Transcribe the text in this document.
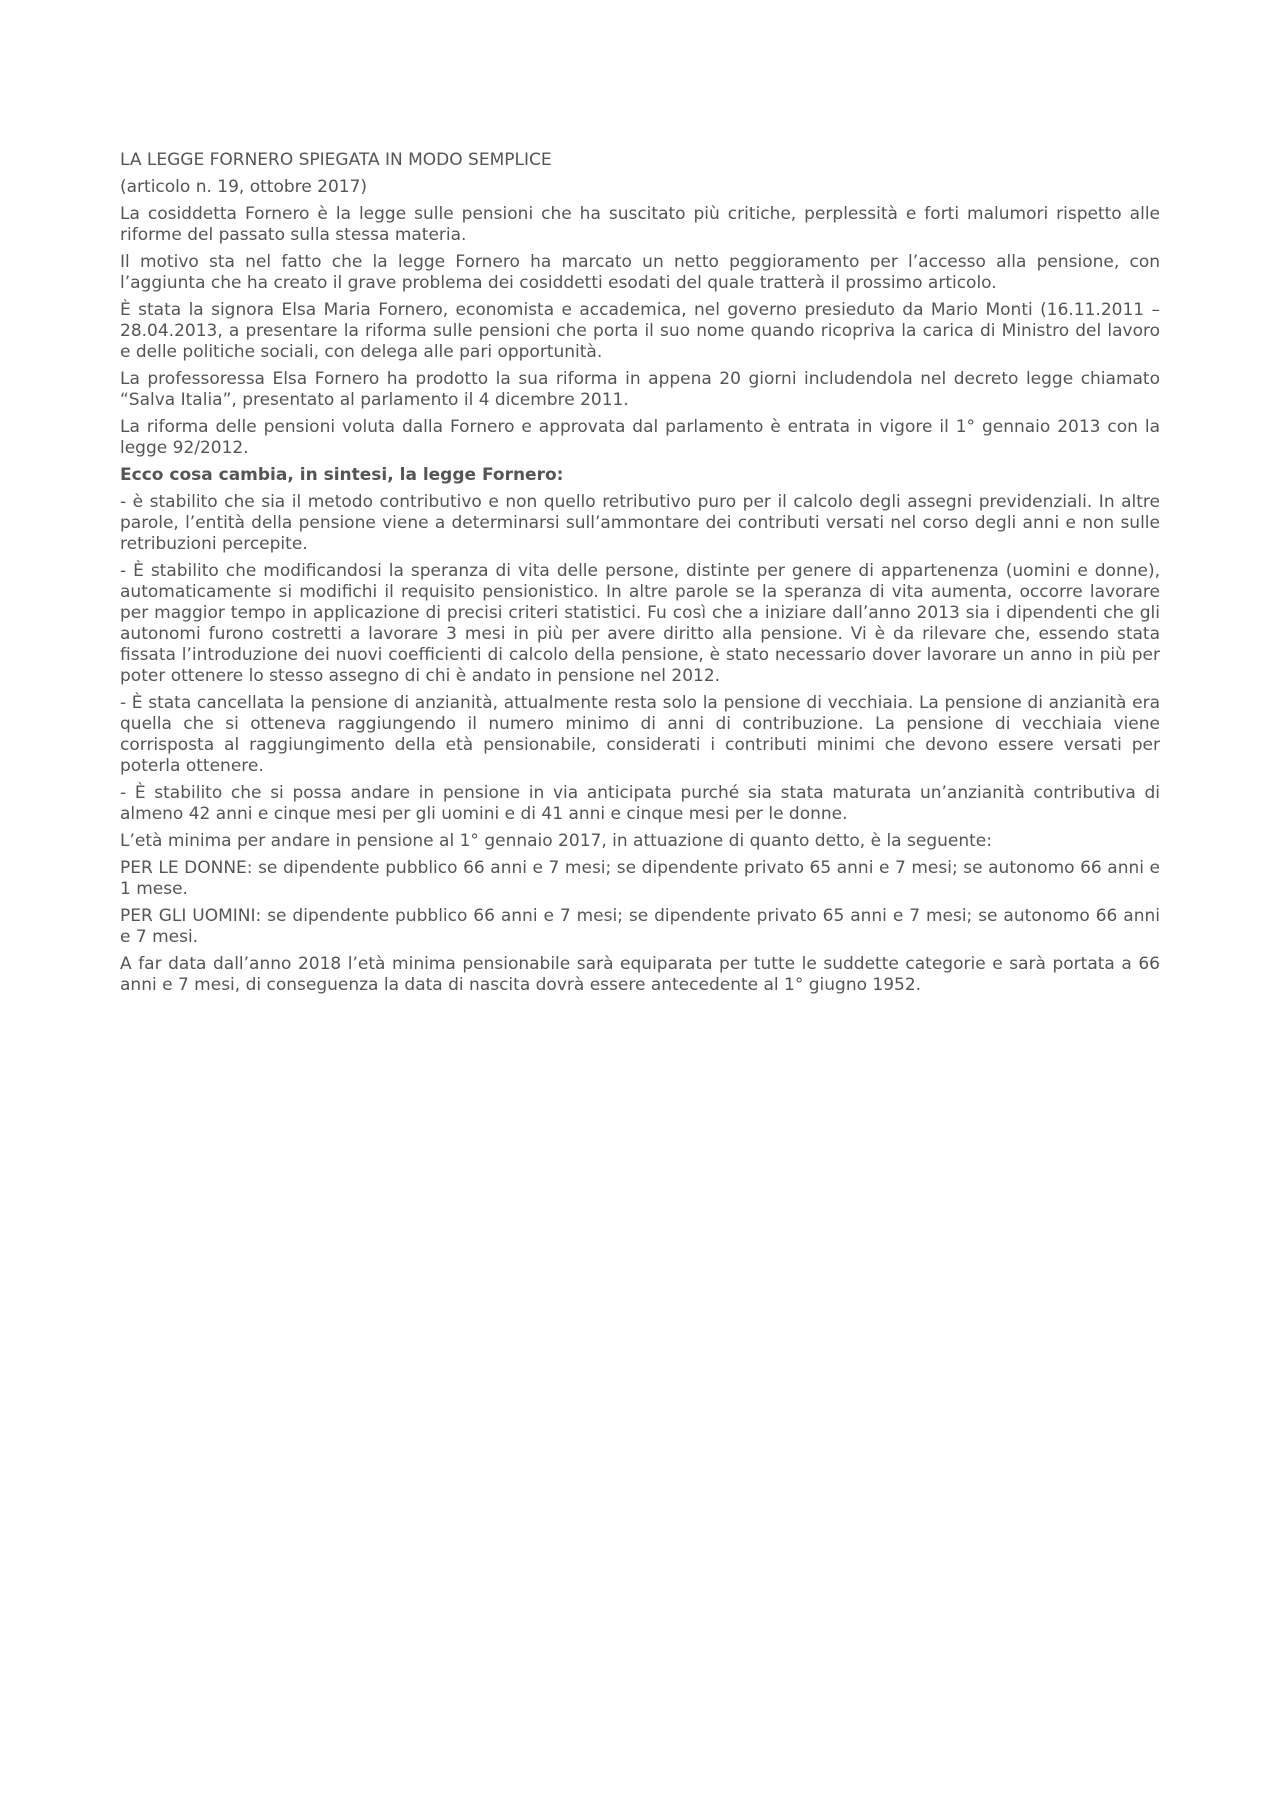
LA LEGGE FORNERO SPIEGATA IN MODO SEMPLICE

(articolo n. 19, ottobre 2017)

La cosiddetta Fornero è la legge sulle pensioni che ha suscitato più critiche, perplessità e forti malumori rispetto alle riforme del passato sulla stessa materia.

Il motivo sta nel fatto che la legge Fornero ha marcato un netto peggioramento per l’accesso alla pensione, con l’aggiunta che ha creato il grave problema dei cosiddetti esodati del quale tratterà il prossimo articolo.

È stata la signora Elsa Maria Fornero, economista e accademica, nel governo presieduto da Mario Monti (16.11.2011 – 28.04.2013, a presentare la riforma sulle pensioni che porta il suo nome quando ricopriva la carica di Ministro del lavoro e delle politiche sociali, con delega alle pari opportunità.

La professoressa Elsa Fornero ha prodotto la sua riforma in appena 20 giorni includendola nel decreto legge chiamato “Salva Italia”, presentato al parlamento il 4 dicembre 2011.

La riforma delle pensioni voluta dalla Fornero e approvata dal parlamento è entrata in vigore il 1° gennaio 2013 con la legge 92/2012.

Ecco cosa cambia, in sintesi, la legge Fornero:

- è stabilito che sia il metodo contributivo e non quello retributivo puro per il calcolo degli assegni previdenziali. In altre parole, l’entità della pensione viene a determinarsi sull’ammontare dei contributi versati nel corso degli anni e non sulle retribuzioni percepite.

- È stabilito che modificandosi la speranza di vita delle persone, distinte per genere di appartenenza (uomini e donne), automaticamente si modifichi il requisito pensionistico. In altre parole se la speranza di vita aumenta, occorre lavorare per maggior tempo in applicazione di precisi criteri statistici. Fu così che a iniziare dall’anno 2013 sia i dipendenti che gli autonomi furono costretti a lavorare 3 mesi in più per avere diritto alla pensione. Vi è da rilevare che, essendo stata fissata l’introduzione dei nuovi coefficienti di calcolo della pensione, è stato necessario dover lavorare un anno in più per poter ottenere lo stesso assegno di chi è andato in pensione nel 2012.

- È stata cancellata la pensione di anzianità, attualmente resta solo la pensione di vecchiaia. La pensione di anzianità era quella che si otteneva raggiungendo il numero minimo di anni di contribuzione. La pensione di vecchiaia viene corrisposta al raggiungimento della età pensionabile, considerati i contributi minimi che devono essere versati per poterla ottenere.

- È stabilito che si possa andare in pensione in via anticipata purché sia stata maturata un’anzianità contributiva di almeno 42 anni e cinque mesi per gli uomini e di 41 anni e cinque mesi per le donne.

L’età minima per andare in pensione al 1° gennaio 2017, in attuazione di quanto detto, è la seguente:

PER LE DONNE: se dipendente pubblico 66 anni e 7 mesi; se dipendente privato 65 anni e 7 mesi; se autonomo 66 anni e 1 mese.

PER GLI UOMINI: se dipendente pubblico 66 anni e 7 mesi; se dipendente privato 65 anni e 7 mesi; se autonomo 66 anni e 7 mesi.

A far data dall’anno 2018 l’età minima pensionabile sarà equiparata per tutte le suddette categorie e sarà portata a 66 anni e 7 mesi, di conseguenza la data di nascita dovrà essere antecedente al 1° giugno 1952.
